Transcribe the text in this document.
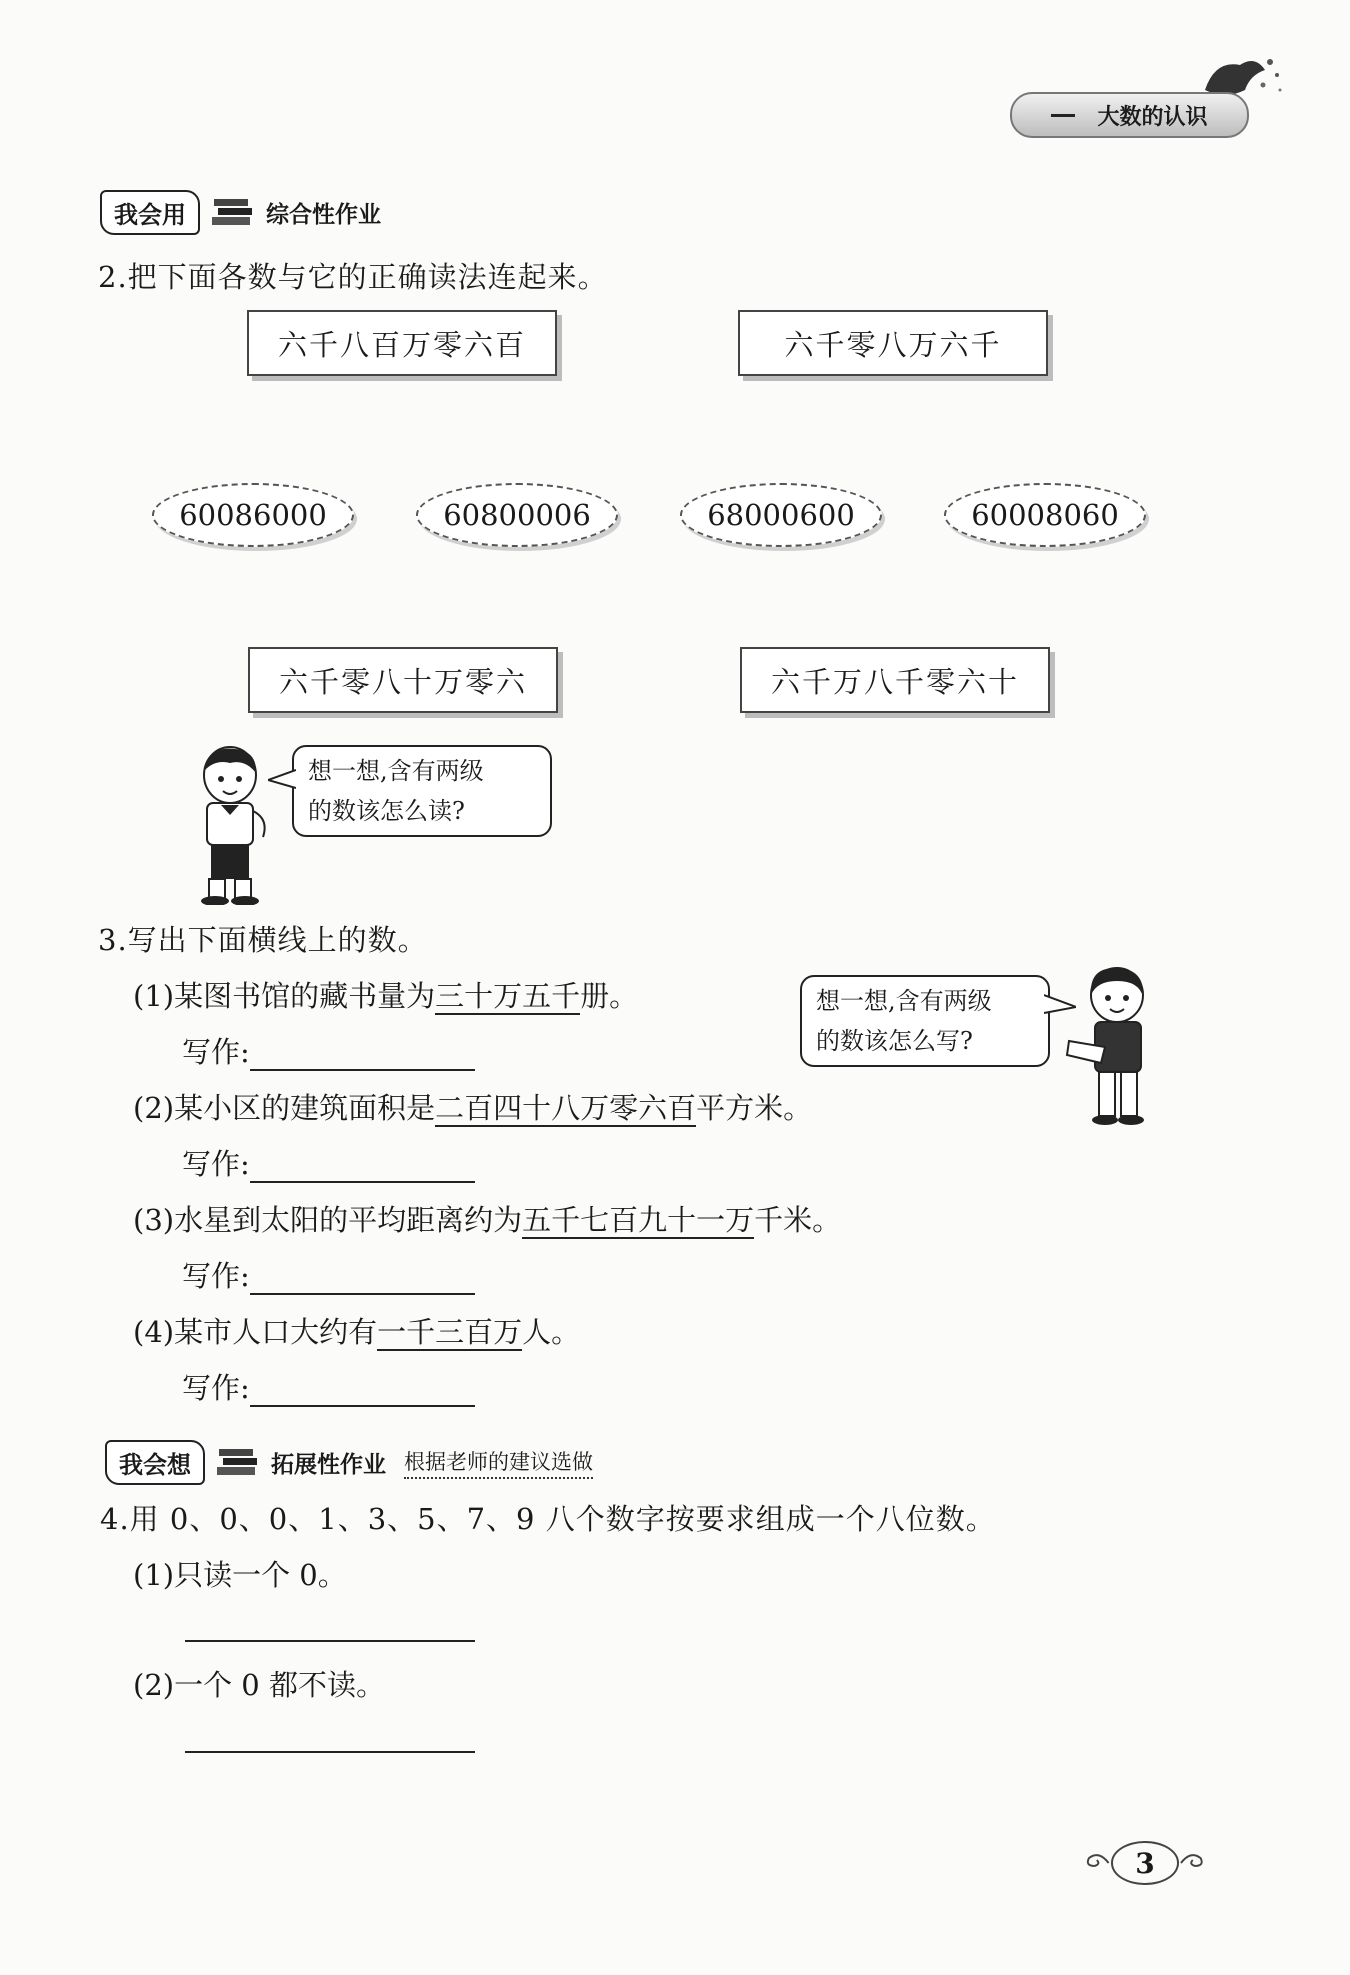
大数的认识
我会用	综合性作业
2.把下面各数与它的正确读法连起来。
六千八百万零六百	六千零八万六千
60086000	60800006	68000600	60008060
六千零八十万零六	六千万八千零六十
想一想,含有两级
的数该怎么读?
3.写出下面横线上的数。
(1)某图书馆的藏书量为三十万五千册。
写作:
(2)某小区的建筑面积是二百四十八万零六百平方米。
写作:
(3)水星到太阳的平均距离约为五千七百九十一万千米。
写作:
(4)某市人口大约有一千三百万人。
写作:
想一想,含有两级
的数该怎么写?
我会想	拓展性作业 根据老师的建议选做
4.用 0、0、0、1、3、5、7、9 八个数字按要求组成一个八位数。
(1)只读一个 0。
(2)一个 0 都不读。
3
